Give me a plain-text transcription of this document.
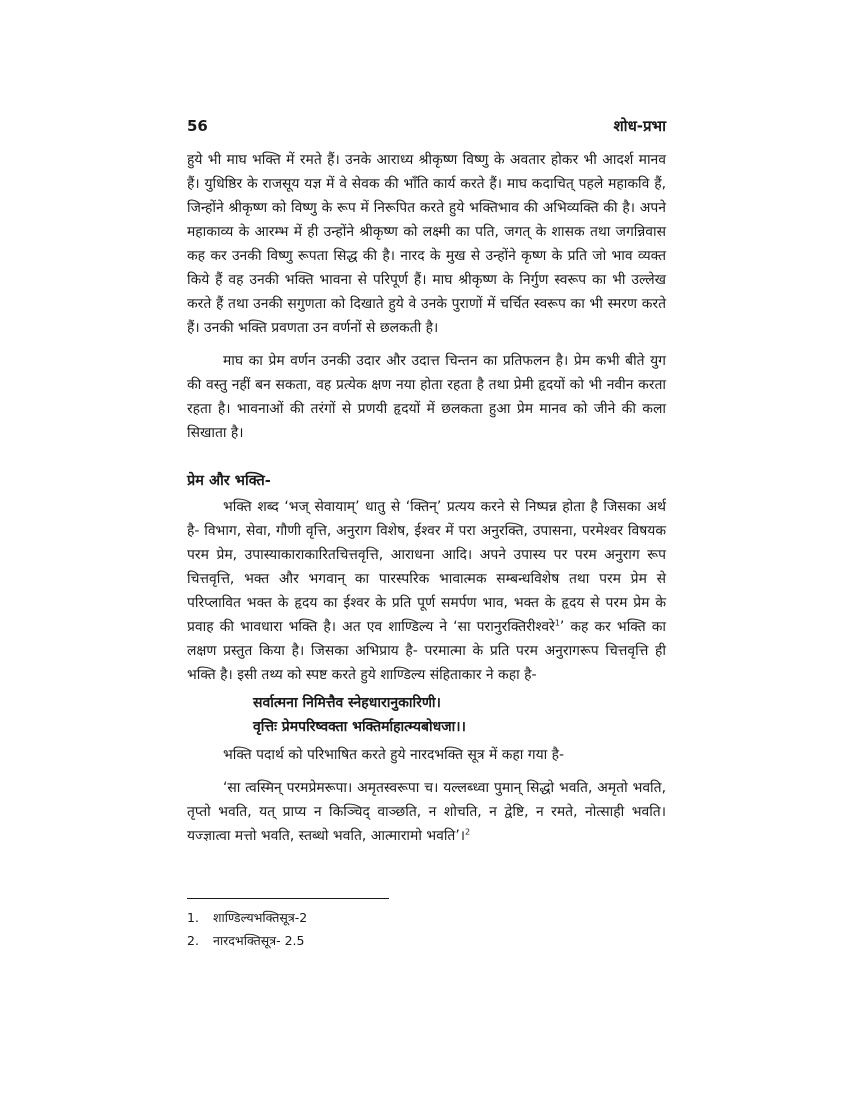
56	शोध-प्रभा

हुये भी माघ भक्ति में रमते हैं। उनके आराध्य श्रीकृष्ण विष्णु के अवतार होकर भी आदर्श मानव हैं। युधिष्ठिर के राजसूय यज्ञ में वे सेवक की भाँति कार्य करते हैं। माघ कदाचित् पहले महाकवि हैं, जिन्होंने श्रीकृष्ण को विष्णु के रूप में निरूपित करते हुये भक्तिभाव की अभिव्यक्ति की है। अपने महाकाव्य के आरम्भ में ही उन्होंने श्रीकृष्ण को लक्ष्मी का पति, जगत् के शासक तथा जगन्निवास कह कर उनकी विष्णु रूपता सिद्ध की है। नारद के मुख से उन्होंने कृष्ण के प्रति जो भाव व्यक्त किये हैं वह उनकी भक्ति भावना से परिपूर्ण हैं। माघ श्रीकृष्ण के निर्गुण स्वरूप का भी उल्लेख करते हैं तथा उनकी सगुणता को दिखाते हुये वे उनके पुराणों में चर्चित स्वरूप का भी स्मरण करते हैं। उनकी भक्ति प्रवणता उन वर्णनों से छलकती है।

माघ का प्रेम वर्णन उनकी उदार और उदात्त चिन्तन का प्रतिफलन है। प्रेम कभी बीते युग की वस्तु नहीं बन सकता, वह प्रत्येक क्षण नया होता रहता है तथा प्रेमी हृदयों को भी नवीन करता रहता है। भावनाओं की तरंगों से प्रणयी हृदयों में छलकता हुआ प्रेम मानव को जीने की कला सिखाता है।

प्रेम और भक्ति-

भक्ति शब्द ‘भज् सेवायाम्’ धातु से ‘क्तिन्’ प्रत्यय करने से निष्पन्न होता है जिसका अर्थ है- विभाग, सेवा, गौणी वृत्ति, अनुराग विशेष, ईश्वर में परा अनुरक्ति, उपासना, परमेश्वर विषयक परम प्रेम, उपास्याकाराकारितचित्तवृत्ति, आराधना आदि। अपने उपास्य पर परम अनुराग रूप चित्तवृत्ति, भक्त और भगवान् का पारस्परिक भावात्मक सम्बन्धविशेष तथा परम प्रेम से परिप्लावित भक्त के हृदय का ईश्वर के प्रति पूर्ण समर्पण भाव, भक्त के हृदय से परम प्रेम के प्रवाह की भावधारा भक्ति है। अत एव शाण्डिल्य ने ‘सा परानुरक्तिरीश्वरे$^1$’ कह कर भक्ति का लक्षण प्रस्तुत किया है। जिसका अभिप्राय है- परमात्मा के प्रति परम अनुरागरूप चित्तवृत्ति ही भक्ति है। इसी तथ्य को स्पष्ट करते हुये शाण्डिल्य संहिताकार ने कहा है-

सर्वात्मना निमित्तैव स्नेहधारानुकारिणी।
वृत्तिः प्रेमपरिष्वक्ता भक्तिर्माहात्म्यबोधजा।।

भक्ति पदार्थ को परिभाषित करते हुये नारदभक्ति सूत्र में कहा गया है-

‘सा त्वस्मिन् परमप्रेमरूपा। अमृतस्वरूपा च। यल्लब्ध्वा पुमान् सिद्धो भवति, अमृतो भवति, तृप्तो भवति, यत् प्राप्य न किञ्चिद् वाञ्छति, न शोचति, न द्वेष्टि, न रमते, नोत्साही भवति। यज्ज्ञात्वा मत्तो भवति, स्तब्धो भवति, आत्मारामो भवति’।$^2$

1.	शाण्डिल्यभक्तिसूत्र-2
2.	नारदभक्तिसूत्र- 2.5
